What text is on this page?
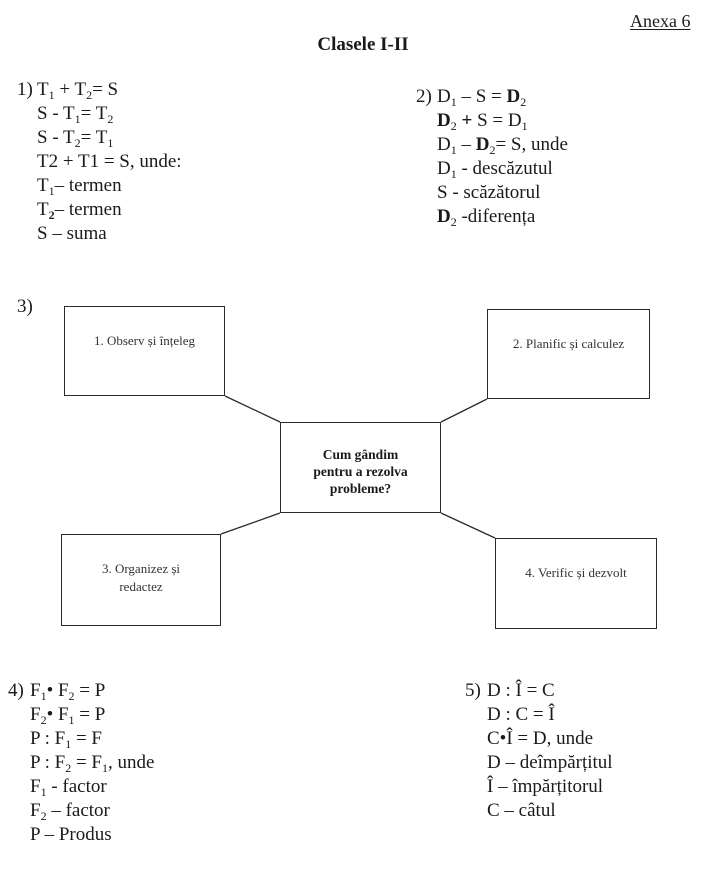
Anexa 6
Clasele I-II
1) $T_1 + T_2= S$
$S - T_1= T_2$
$S - T_2= T_1$
T2 + T1 = S, unde:
$T_1-$ termen
$T_2-$ termen
S – suma
2) $D_1 - S = D_2$
$D_2 + S = D_1$
$D_1 - D_2= S$, unde
$D_1$ - descăzutul
S - scăzătorul
$D_2$ -diferența
3)
1. Observ și înțeleg	2. Planific și calculez
Cum gândim
pentru a rezolva
probleme?
3. Organizez și
redactez
4. Verific și dezvolt
4) $F_1•$ $F_2 = P$
$F_2•$ $F_1 = P$
P : $F_1 = F$
P : $F_2 = F_1$, unde
$F_1$ - factor
$F_2$ – factor
P – Produs
5) D : Î = C
D : C = Î
C•Î = D, unde
D – deîmpărțitul
Î – împărțitorul
C – câtul
